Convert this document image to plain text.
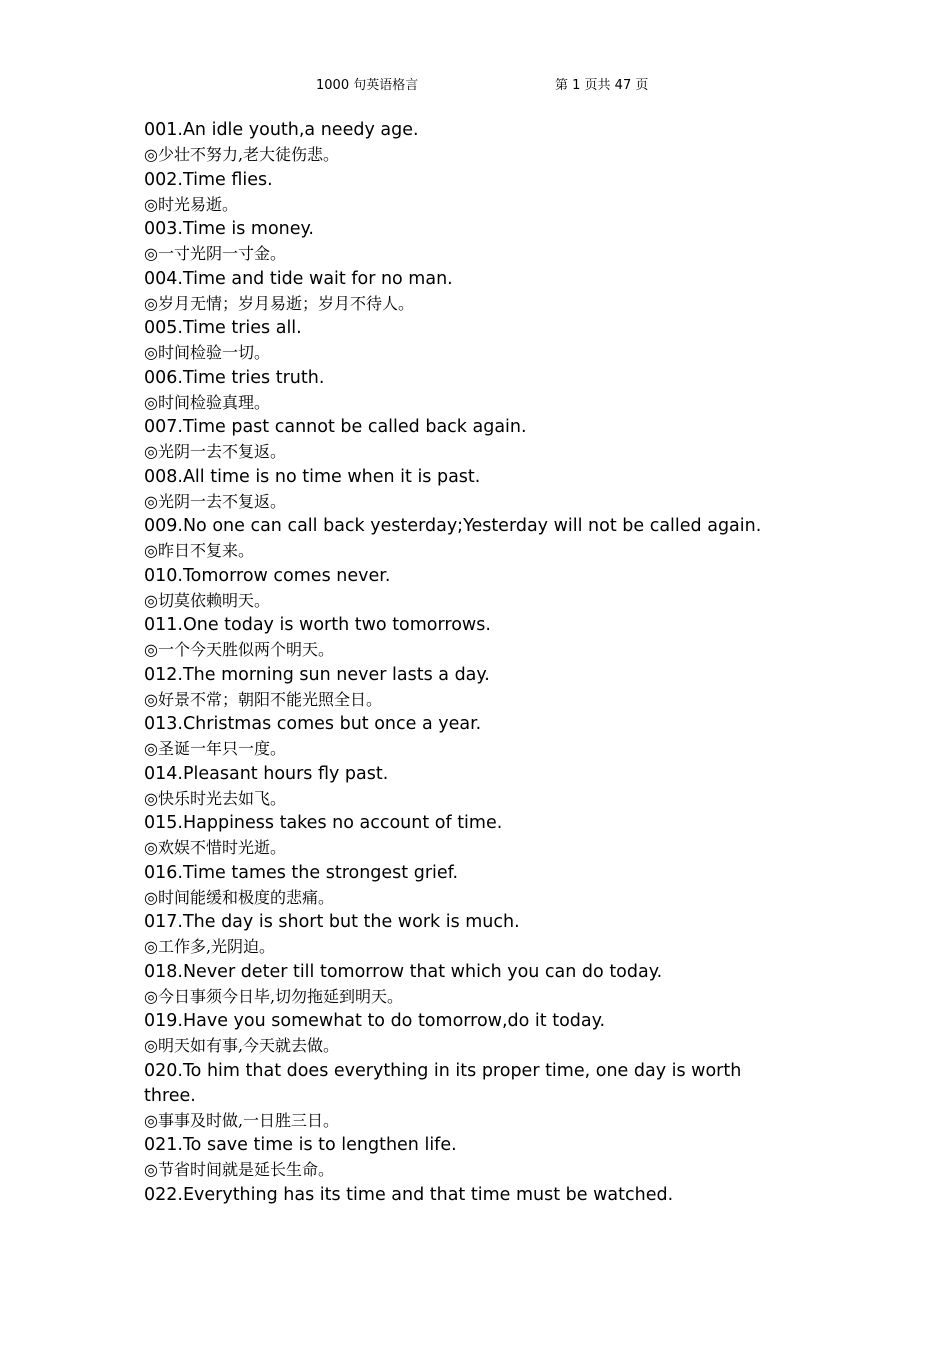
1000 句英语格言	第 1 页共 47 页
001.An idle youth,a needy age.
◎少壮不努力,老大徒伤悲。
002.Time flies.
◎时光易逝。
003.Time is money.
◎一寸光阴一寸金。
004.Time and tide wait for no man.
◎岁月无情；岁月易逝；岁月不待人。
005.Time tries all.
◎时间检验一切。
006.Time tries truth.
◎时间检验真理。
007.Time past cannot be called back again.
◎光阴一去不复返。
008.All time is no time when it is past.
◎光阴一去不复返。
009.No one can call back yesterday;Yesterday will not be called again.
◎昨日不复来。
010.Tomorrow comes never.
◎切莫依赖明天。
011.One today is worth two tomorrows.
◎一个今天胜似两个明天。
012.The morning sun never lasts a day.
◎好景不常；朝阳不能光照全日。
013.Christmas comes but once a year.
◎圣诞一年只一度。
014.Pleasant hours fly past.
◎快乐时光去如飞。
015.Happiness takes no account of time.
◎欢娱不惜时光逝。
016.Time tames the strongest grief.
◎时间能缓和极度的悲痛。
017.The day is short but the work is much.
◎工作多,光阴迫。
018.Never deter till tomorrow that which you can do today.
◎今日事须今日毕,切勿拖延到明天。
019.Have you somewhat to do tomorrow,do it today.
◎明天如有事,今天就去做。
020.To him that does everything in its proper time, one day is worth three.
◎事事及时做,一日胜三日。
021.To save time is to lengthen life.
◎节省时间就是延长生命。
022.Everything has its time and that time must be watched.
